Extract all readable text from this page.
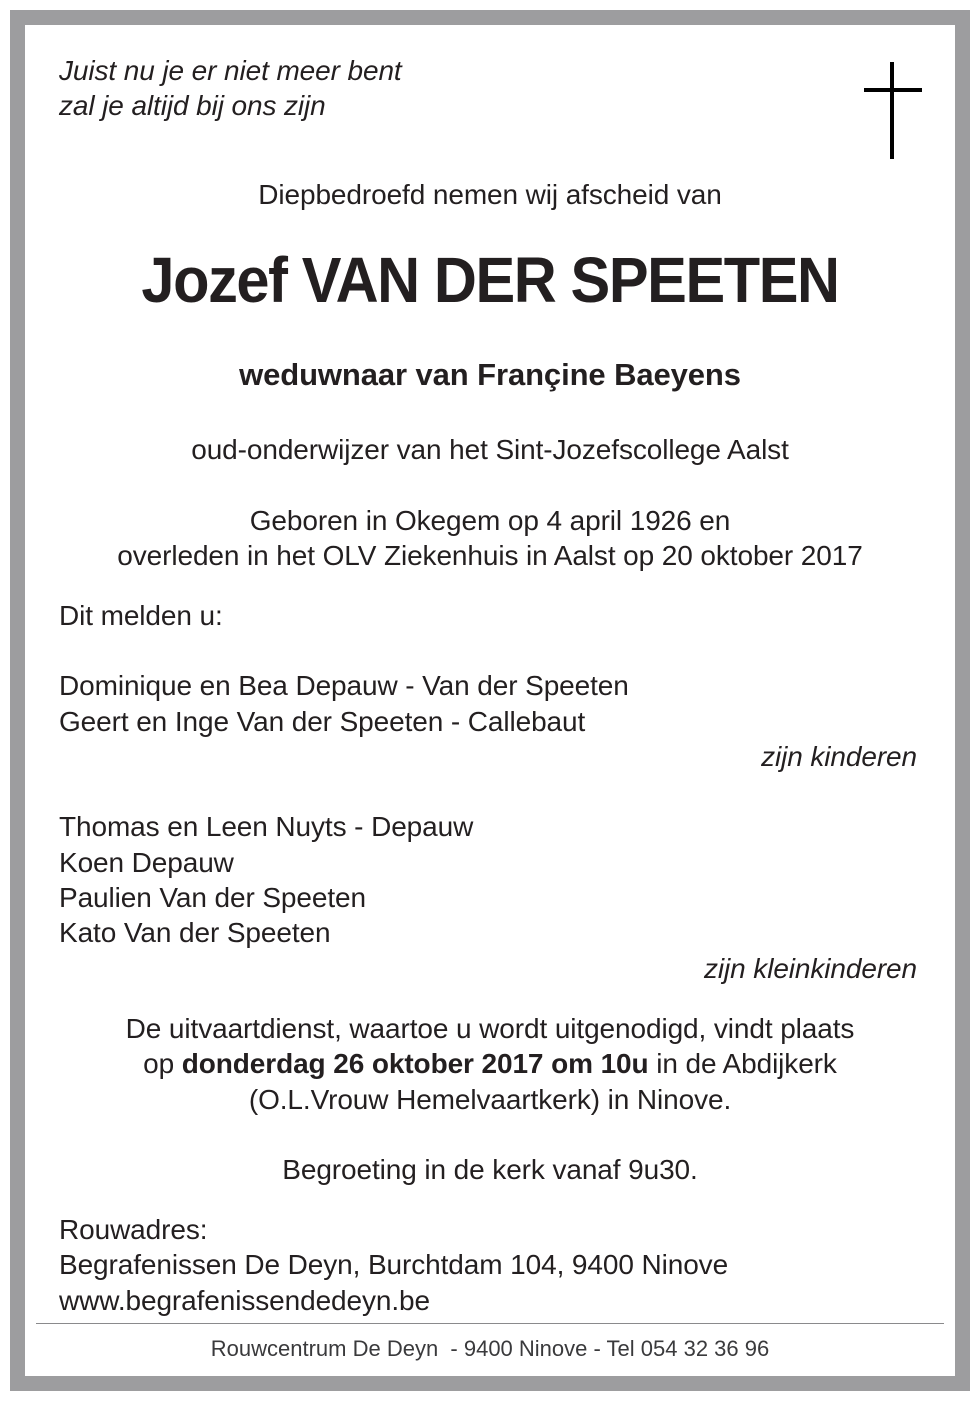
Juist nu je er niet meer bent
zal je altijd bij ons zijn
Diepbedroefd nemen wij afscheid van
Jozef VAN DER SPEETEN
weduwnaar van Françine Baeyens
oud-onderwijzer van het Sint-Jozefscollege Aalst
Geboren in Okegem op 4 april 1926 en
overleden in het OLV Ziekenhuis in Aalst op 20 oktober 2017
Dit melden u:
Dominique en Bea Depauw - Van der Speeten
Geert en Inge Van der Speeten - Callebaut
zijn kinderen
Thomas en Leen Nuyts - Depauw
Koen Depauw
Paulien Van der Speeten
Kato Van der Speeten
zijn kleinkinderen
De uitvaartdienst, waartoe u wordt uitgenodigd, vindt plaats
op donderdag 26 oktober 2017 om 10u in de Abdijkerk
(O.L.Vrouw Hemelvaartkerk) in Ninove.
Begroeting in de kerk vanaf 9u30.
Rouwadres:
Begrafenissen De Deyn, Burchtdam 104, 9400 Ninove
www.begrafenissendedeyn.be
Rouwcentrum De Deyn  - 9400 Ninove - Tel 054 32 36 96
